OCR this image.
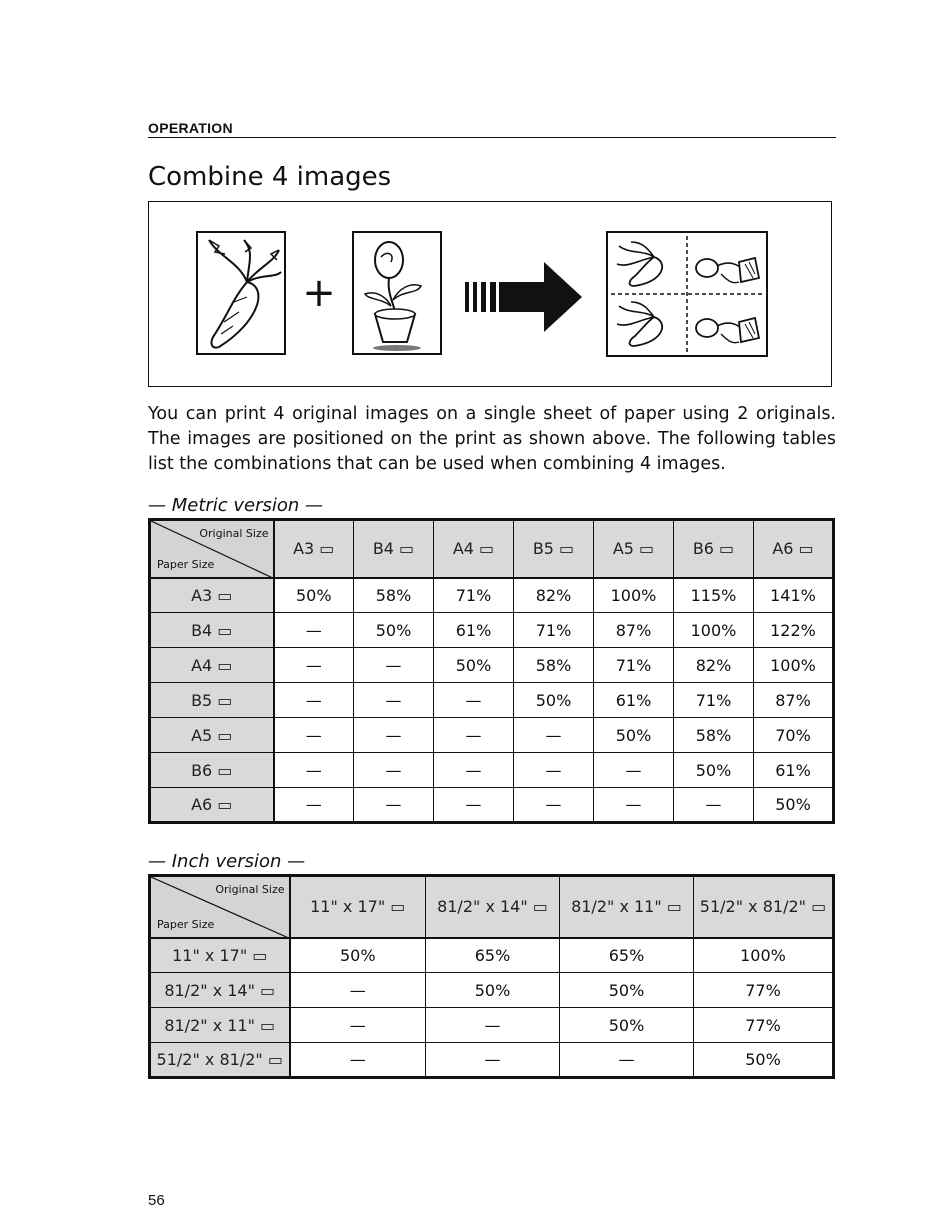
OPERATION
Combine 4 images
+
You can print 4 original images on a single sheet of paper using 2 originals. The images are positioned on the print as shown above. The following tables list the combinations that can be used when combining 4 images.
— Metric version —
Original Size
Paper Size	A3 ▭	B4 ▭	A4 ▭	B5 ▭	A5 ▭	B6 ▭	A6 ▭
A3 ▭	50%	58%	71%	82%	100%	115%	141%
B4 ▭	—	50%	61%	71%	87%	100%	122%
A4 ▭	—	—	50%	58%	71%	82%	100%
B5 ▭	—	—	—	50%	61%	71%	87%
A5 ▭	—	—	—	—	50%	58%	70%
B6 ▭	—	—	—	—	—	50%	61%
A6 ▭	—	—	—	—	—	—	50%
— Inch version —
Original Size
Paper Size	11" x 17" ▭	81/2" x 14" ▭	81/2" x 11" ▭	51/2" x 81/2" ▭
11" x 17" ▭	50%	65%	65%	100%
81/2" x 14" ▭	—	50%	50%	77%
81/2" x 11" ▭	—	—	50%	77%
51/2" x 81/2" ▭	—	—	—	50%
56
